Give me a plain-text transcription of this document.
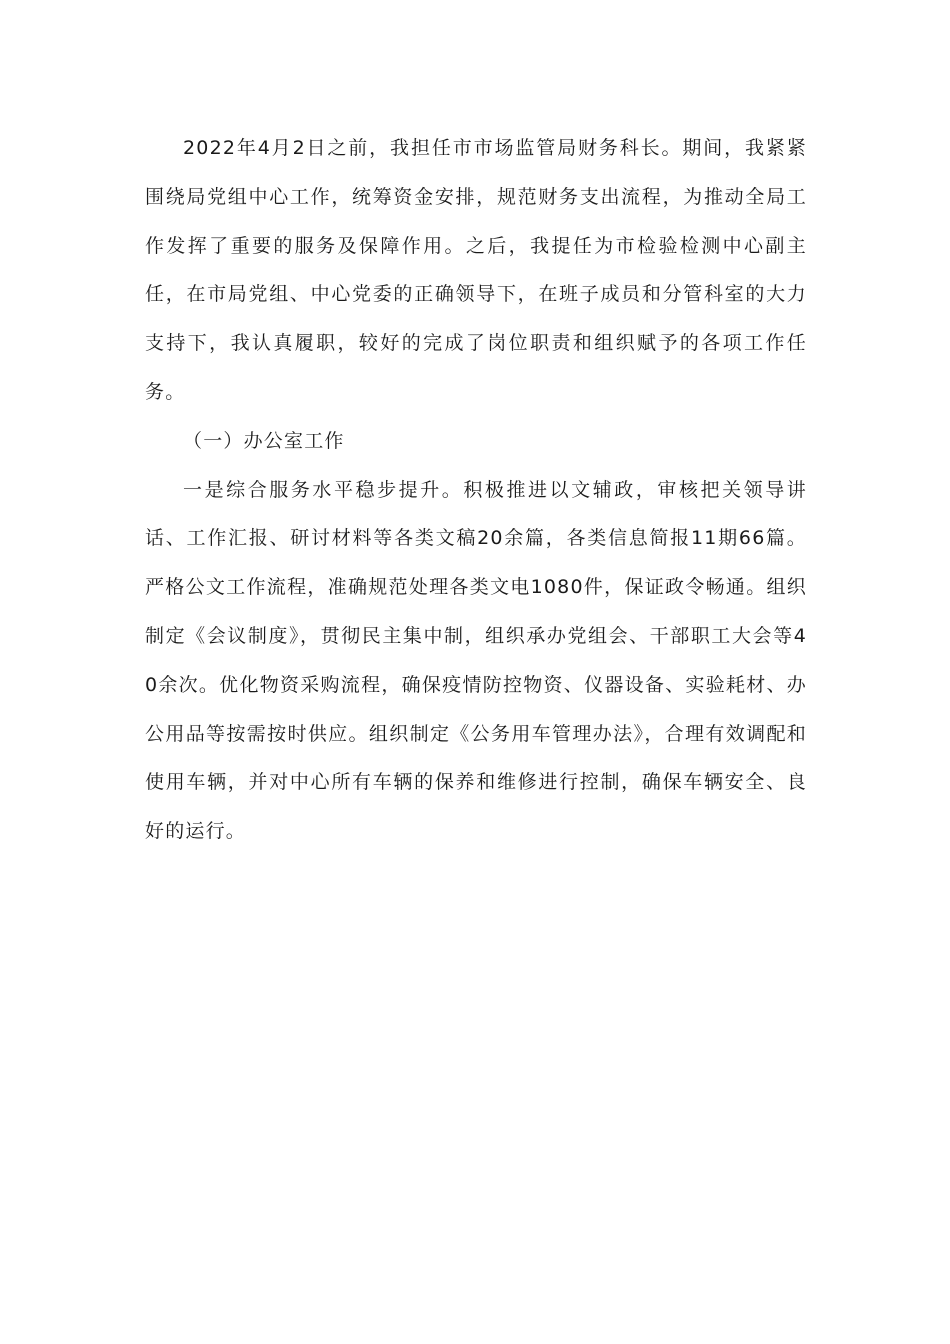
2022年4月2日之前，我担任市市场监管局财务科长。期间，我紧紧围绕局党组中心工作，统筹资金安排，规范财务支出流程，为推动全局工作发挥了重要的服务及保障作用。之后，我提任为市检验检测中心副主任，在市局党组、中心党委的正确领导下，在班子成员和分管科室的大力支持下，我认真履职，较好的完成了岗位职责和组织赋予的各项工作任务。

（一）办公室工作

一是综合服务水平稳步提升。积极推进以文辅政，审核把关领导讲话、工作汇报、研讨材料等各类文稿20余篇，各类信息简报11期66篇。严格公文工作流程，准确规范处理各类文电1080件，保证政令畅通。组织制定《会议制度》，贯彻民主集中制，组织承办党组会、干部职工大会等40余次。优化物资采购流程，确保疫情防控物资、仪器设备、实验耗材、办公用品等按需按时供应。组织制定《公务用车管理办法》，合理有效调配和使用车辆，并对中心所有车辆的保养和维修进行控制，确保车辆安全、良好的运行。
